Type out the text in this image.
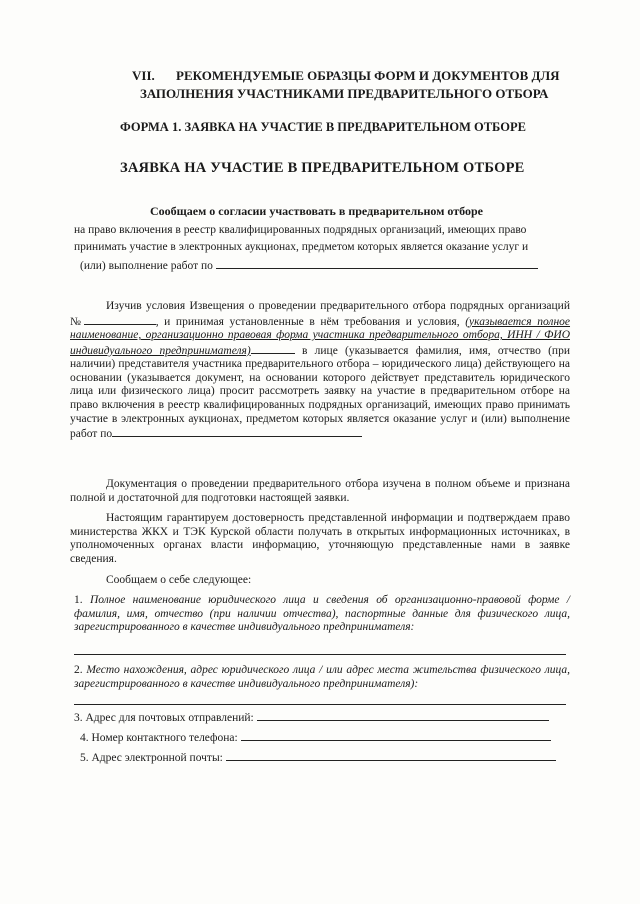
VII. РЕКОМЕНДУЕМЫЕ ОБРАЗЦЫ ФОРМ И ДОКУМЕНТОВ ДЛЯ
ЗАПОЛНЕНИЯ УЧАСТНИКАМИ ПРЕДВАРИТЕЛЬНОГО ОТБОРА
ФОРМА 1. ЗАЯВКА НА УЧАСТИЕ В ПРЕДВАРИТЕЛЬНОМ ОТБОРЕ
ЗАЯВКА НА УЧАСТИЕ В ПРЕДВАРИТЕЛЬНОМ ОТБОРЕ
Сообщаем о согласии участвовать в предварительном отборе
на право включения в реестр квалифицированных подрядных организаций, имеющих право
принимать участие в электронных аукционах, предметом которых является оказание услуг и
(или) выполнение работ по
Изучив условия Извещения о проведении предварительного отбора подрядных организаций №	, и принимая установленные в нём требования и условия, (указывается полное наименование, организационно правовая форма участника предварительного отбора, ИНН / ФИО индивидуального предпринимателя)	в лице (указывается фамилия, имя, отчество (при наличии) представителя участника предварительного отбора – юридического лица) действующего на основании (указывается документ, на основании которого действует представитель юридического лица или физического лица) просит рассмотреть заявку на участие в предварительном отборе на право включения в реестр квалифицированных подрядных организаций, имеющих право принимать участие в электронных аукционах, предметом которых является оказание услуг и (или) выполнение работ по
Документация о проведении предварительного отбора изучена в полном объеме и признана полной и достаточной для подготовки настоящей заявки.
Настоящим гарантируем достоверность представленной информации и подтверждаем право министерства ЖКХ и ТЭК Курской области получать в открытых информационных источниках, в уполномоченных органах власти информацию, уточняющую представленные нами в заявке сведения.
Сообщаем о себе следующее:
1. Полное наименование юридического лица и сведения об организационно-правовой форме / фамилия, имя, отчество (при наличии отчества), паспортные данные для физического лица, зарегистрированного в качестве индивидуального предпринимателя:
2. Место нахождения, адрес юридического лица / или адрес места жительства физического лица, зарегистрированного в качестве индивидуального предпринимателя):
3. Адрес для почтовых отправлений:
4. Номер контактного телефона:
5. Адрес электронной почты:
